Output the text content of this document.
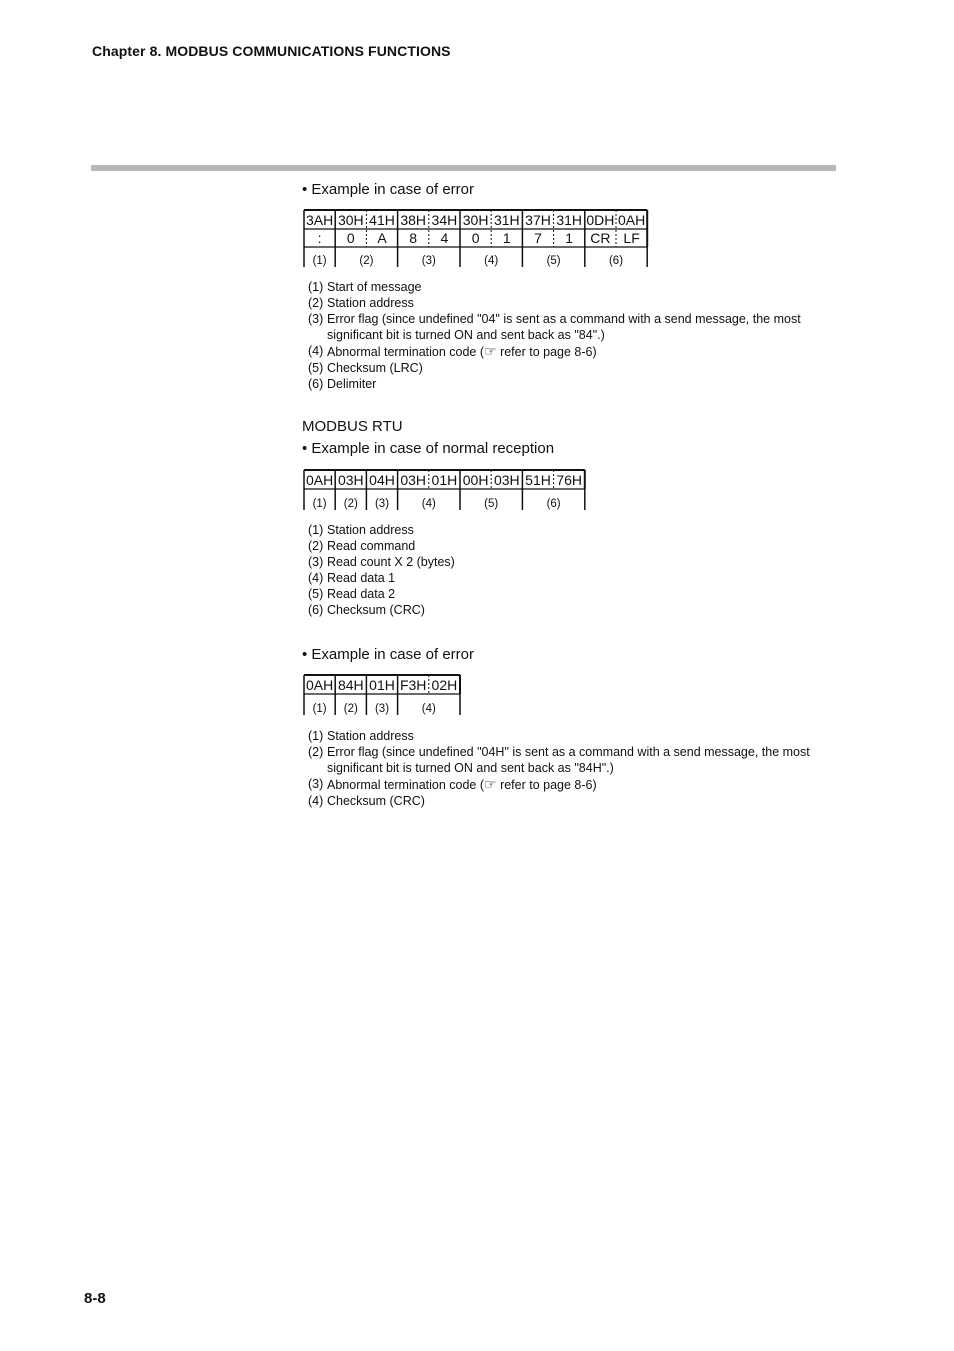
Chapter 8. MODBUS COMMUNICATIONS FUNCTIONS
• Example in case of error
3AH 30H 41H 38H 34H 30H 31H 37H 31H 0DH 0AH
: 0 A 8 4 0 1 7 1 CR LF
(1)	(2)	(3)	(4)	(5)	(6)
(1) Start of message
(2) Station address
(3) Error flag (since undefined "04" is sent as a command with a send message, the most significant bit is turned ON and sent back as "84".)
(4) Abnormal termination code (☞ refer to page 8-6)
(5) Checksum (LRC)
(6) Delimiter
MODBUS RTU
• Example in case of normal reception
0AH 03H 04H 03H 01H 00H 03H 51H 76H
(1) (2) (3)	(4)	(5)	(6)
(1) Station address
(2) Read command
(3) Read count X 2 (bytes)
(4) Read data 1
(5) Read data 2
(6) Checksum (CRC)
• Example in case of error
0AH 84H 01H F3H 02H
(1) (2) (3)	(4)
(1) Station address
(2) Error flag (since undefined "04H" is sent as a command with a send message, the most significant bit is turned ON and sent back as "84H".)
(3) Abnormal termination code (☞ refer to page 8-6)
(4) Checksum (CRC)
8-8
